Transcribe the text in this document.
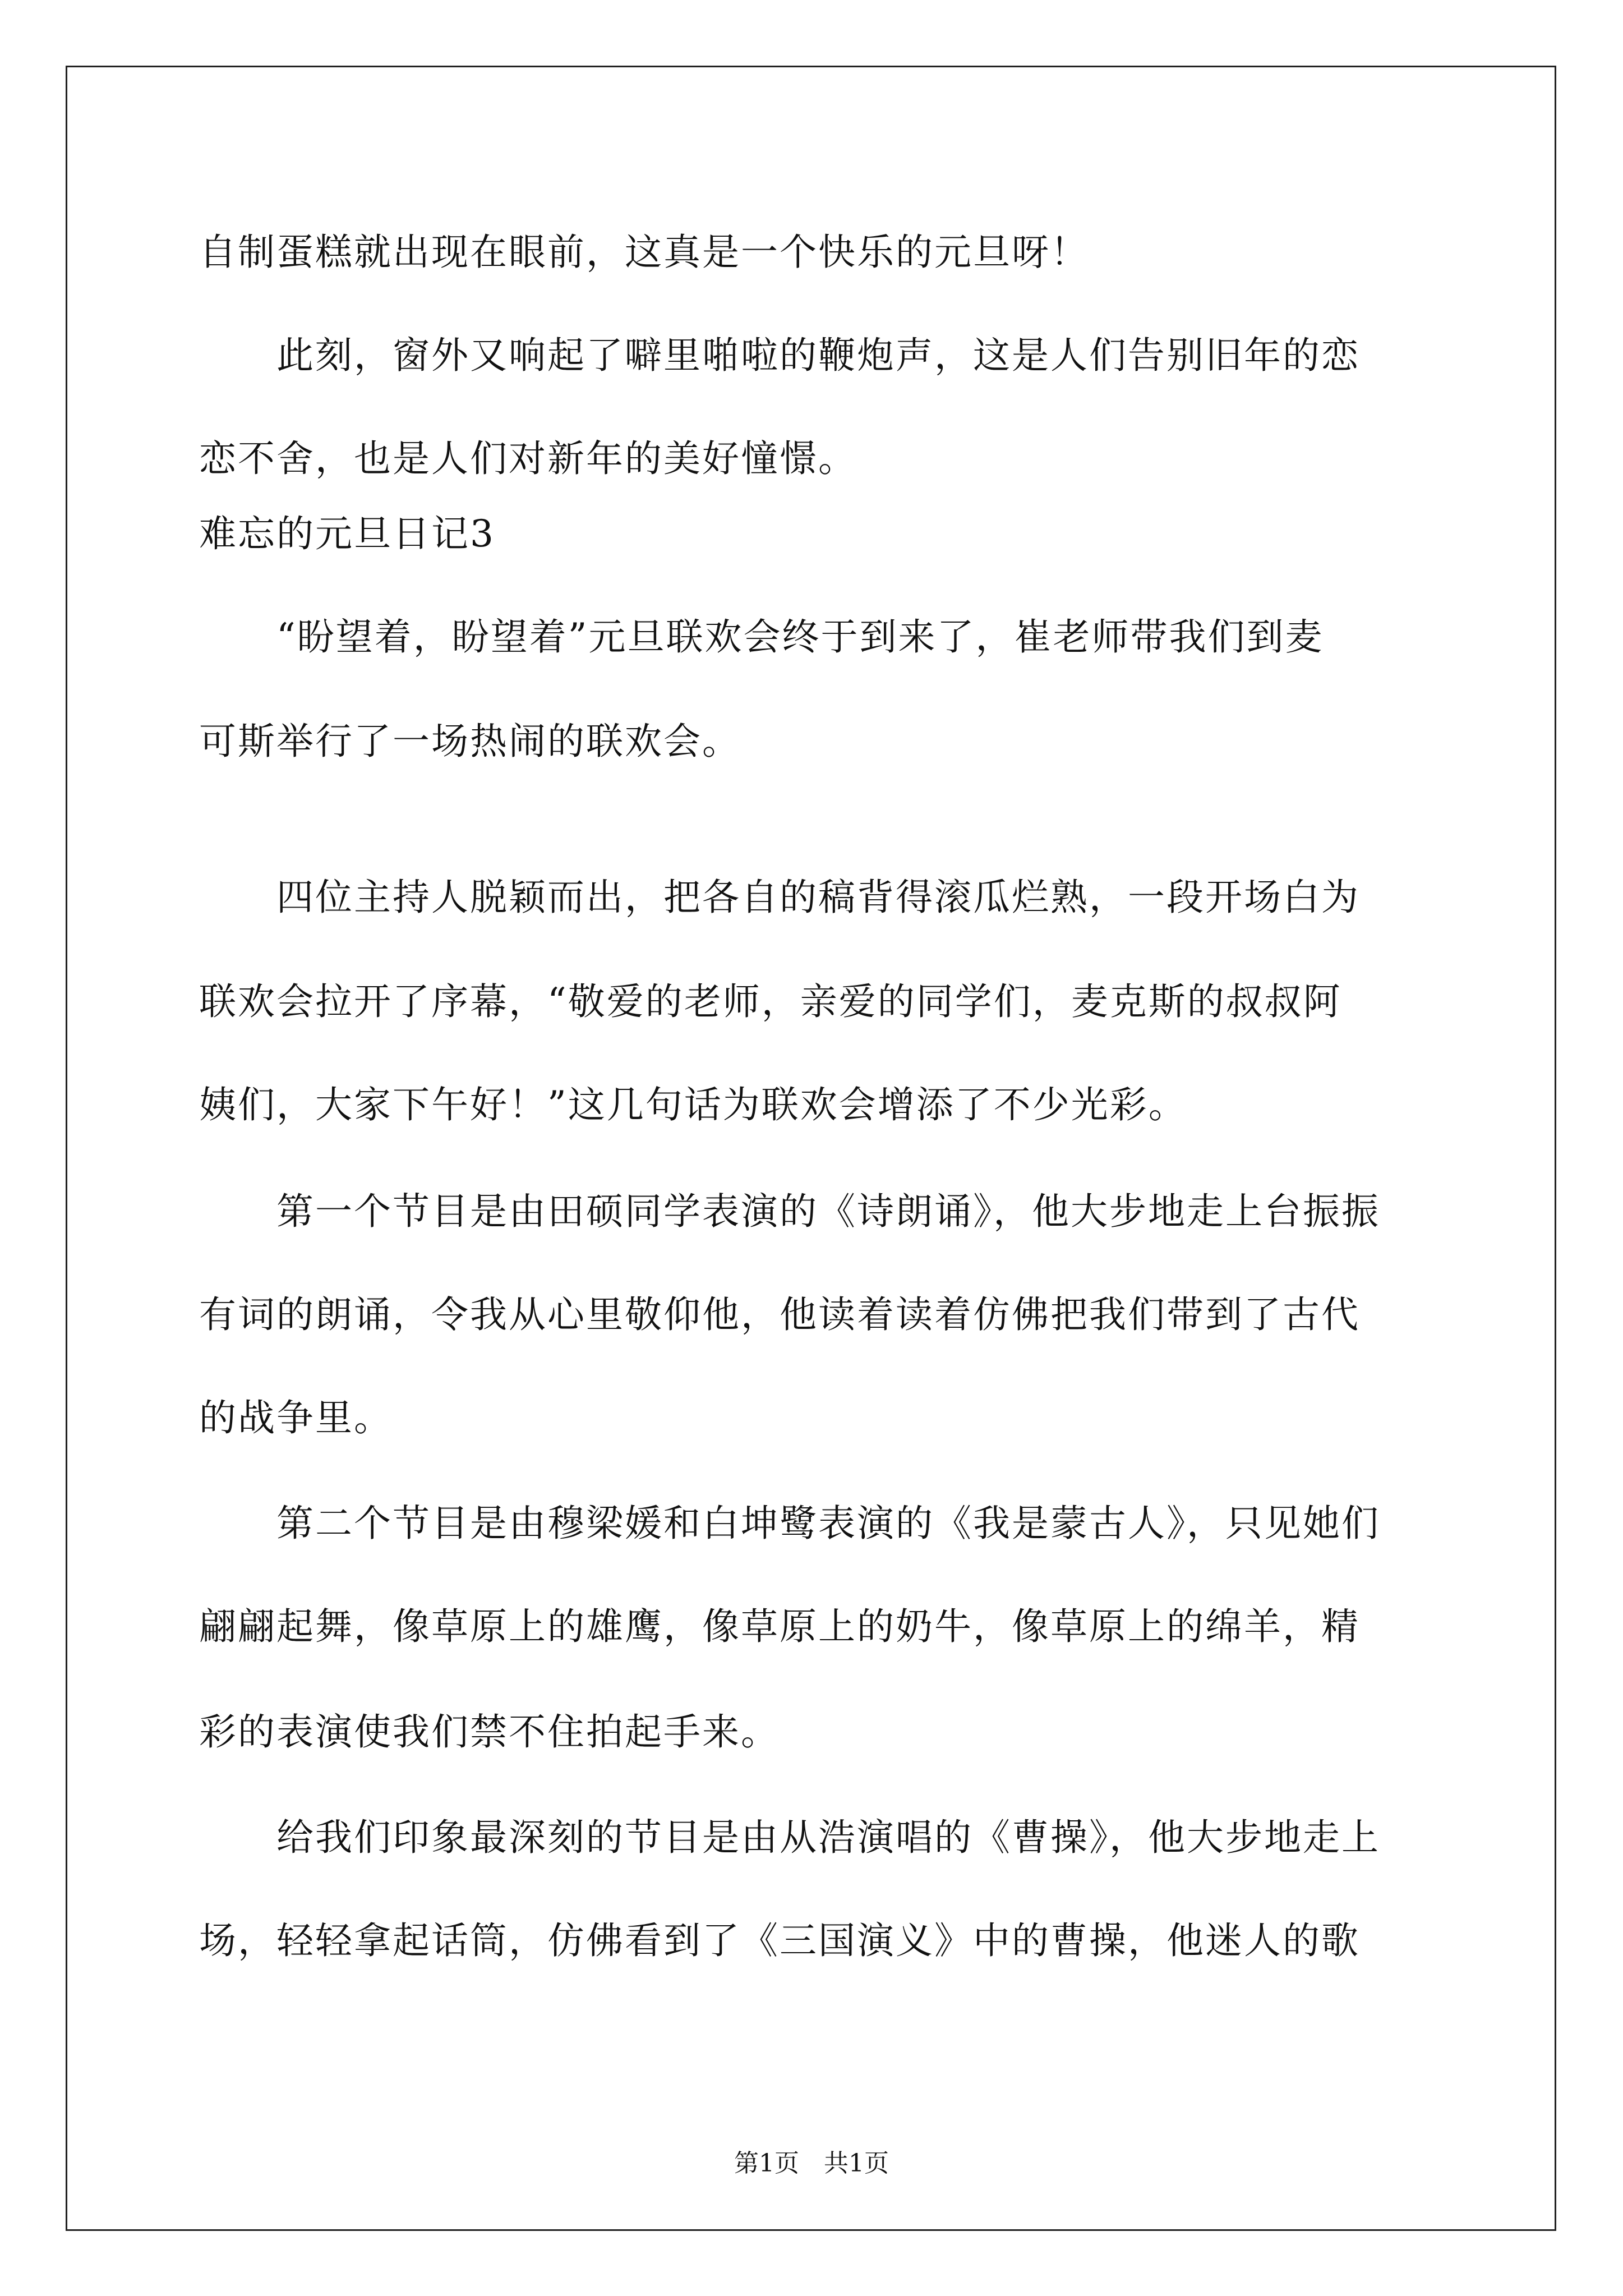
自制蛋糕就出现在眼前，这真是一个快乐的元旦呀！
　　此刻，窗外又响起了噼里啪啦的鞭炮声，这是人们告别旧年的恋
恋不舍，也是人们对新年的美好憧憬。
难忘的元旦日记3
　　“盼望着，盼望着”元旦联欢会终于到来了，崔老师带我们到麦
可斯举行了一场热闹的联欢会。
　　四位主持人脱颖而出，把各自的稿背得滚瓜烂熟，一段开场白为
联欢会拉开了序幕，“敬爱的老师，亲爱的同学们，麦克斯的叔叔阿
姨们，大家下午好！”这几句话为联欢会增添了不少光彩。
　　第一个节目是由田硕同学表演的《诗朗诵》，他大步地走上台振振
有词的朗诵，令我从心里敬仰他，他读着读着仿佛把我们带到了古代
的战争里。
　　第二个节目是由穆梁媛和白坤鹭表演的《我是蒙古人》，只见她们
翩翩起舞，像草原上的雄鹰，像草原上的奶牛，像草原上的绵羊，精
彩的表演使我们禁不住拍起手来。
　　给我们印象最深刻的节目是由从浩演唱的《曹操》，他大步地走上
场，轻轻拿起话筒，仿佛看到了《三国演义》中的曹操，他迷人的歌
第1页　共1页
